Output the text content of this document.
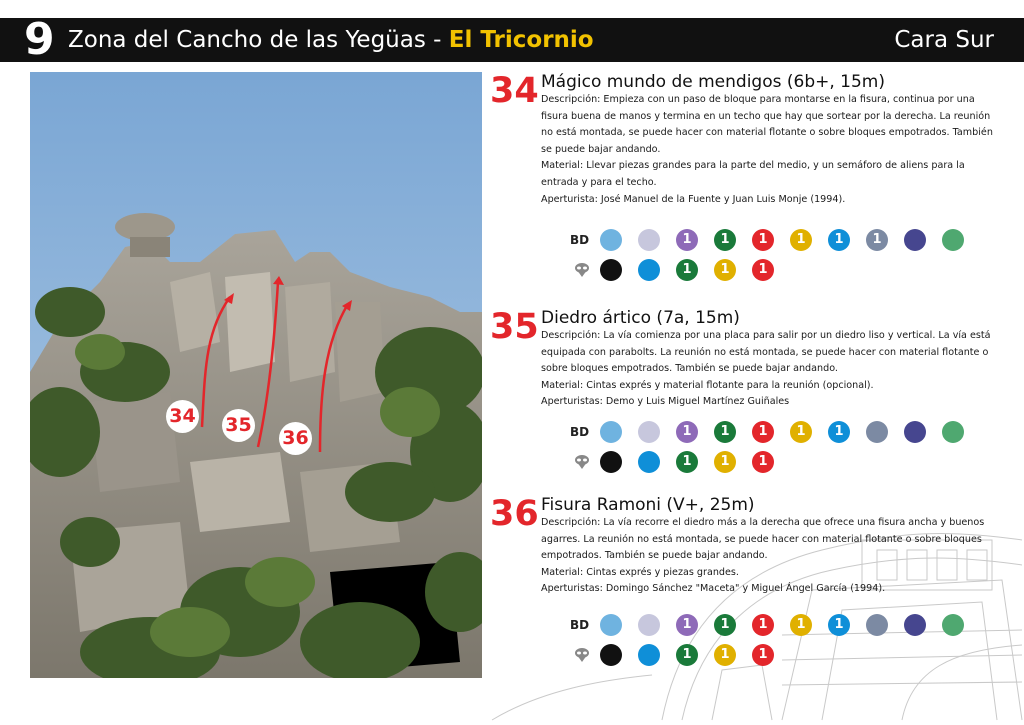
9 Zona del Cancho de las Yegüas - El Tricornio	Cara Sur
34 35
36
34 Mágico mundo de mendigos (6b+, 15m)

Descripción: Empieza con un paso de bloque para montarse en la fisura, continua por una fisura buena de manos y termina en un techo que hay que sortear por la derecha. La reunión no está montada, se puede hacer con material flotante o sobre bloques empotrados. También se puede bajar andando.

Material: Llevar piezas grandes para la parte del medio, y un semáforo de aliens para la entrada y para el techo.

Aperturista: José Manuel de la Fuente y Juan Luis Monje (1994).

BD	1	1	1	1	1	1
1	1	1
35 Diedro ártico (7a, 15m)

Descripción: La vía comienza por una placa para salir por un diedro liso y vertical. La vía está equipada con parabolts. La reunión no está montada, se puede hacer con material flotante o sobre bloques empotrados. También se puede bajar andando.

Material: Cintas exprés y material flotante para la reunión (opcional).

Aperturistas: Demo y Luis Miguel Martínez Guiñales

BD	1	1	1	1	1
1	1	1
36 Fisura Ramoni (V+, 25m)

Descripción: La vía recorre el diedro más a la derecha que ofrece una fisura ancha y buenos agarres. La reunión no está montada, se puede hacer con material flotante o sobre bloques empotrados. También se puede bajar andando.

Material: Cintas exprés y piezas grandes.

Aperturistas: Domingo Sánchez "Maceta" y Miguel Ángel García (1994).

BD	1	1	1	1	1
1	1	1
